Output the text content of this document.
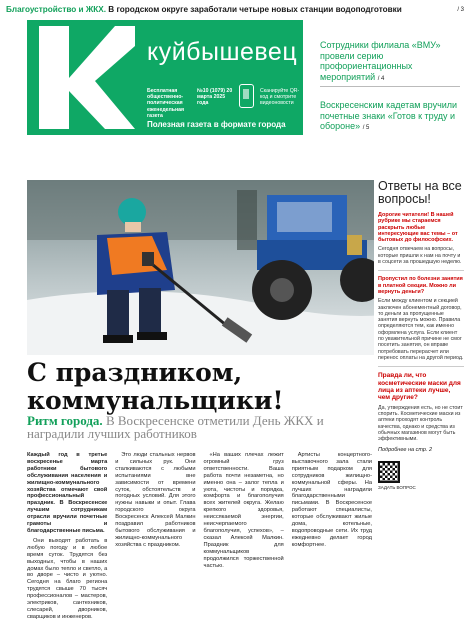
Благоустройство и ЖКХ. В городском округе заработали четыре новых станции водоподготовки	/ 3
куйбышевец
Бесплатная общественно-политическая еженедельная газета
№10 (1079) 20 марта 2025 года
Сканируйте QR-код и смотрите видеоновости
Полезная газета в формате города
Сотрудники филиала «ВМУ» провели серию профориентационных мероприятий / 4
Воскресенским кадетам вручили почетные знаки «Готов к труду и обороне» / 5
Ответы на все вопросы!
Дорогие читатели! В нашей рубрике мы стараемся раскрыть любые интересующие вас темы – от бытовых до философских.
Сегодня отвечаем на вопросы, которые пришли к нам на почту и в соцсети за прошедшую неделю.
Пропустил по болезни занятия в платной секции. Можно ли вернуть деньги?
Если между клиентом и секцией заключен абонементный договор, то деньги за пропущенные занятия вернуть можно. Правила определяются тем, как именно оформлена услуга. Если клиент по уважительной причине не смог посетить занятия, он вправе потребовать перерасчет или перенос оплаты на другой период.
Правда ли, что косметические маски для лица из аптеки лучше, чем другие?
Да, утверждения есть, но не стоит спорить. Косметические маски из аптеки проходят контроль качества, однако и средства из обычных магазинов могут быть эффективными.
Подробнее на стр. 2
ЗАДАТЬ ВОПРОС
С праздником, коммунальщики!
Ритм города. В Воскресенске отметили День ЖКХ и наградили лучших работников

Каждый год в третье воскресенье марта работники бытового обслуживания населения и жилищно-коммунального хозяйства отмечают свой профессиональный праздник. В Воскресенске лучшим сотрудникам отрасли вручили почетные грамоты и благодарственные письма.

Они выходят работать в любую погоду и в любое время суток. Трудятся без выходных, чтобы в наших домах было тепло и светло, а во дворе – чисто и уютно. Сегодня на благо региона трудятся свыше 70 тысяч профессионалов – мастеров, электриков, сантехников, слесарей, дворников, сварщиков и инженеров.

Это люди стальных нервов и сильных рук. Они сталкиваются с любыми испытаниями вне зависимости от времени суток, обстоятельств и погодных условий. Для этого нужны навыки и опыт. Глава городского округа Воскресенск Алексей Малкин поздравил работников бытового обслуживания и жилищно-коммунального хозяйства с праздником.

«На ваших плечах лежит огромный груз ответственности. Ваша работа почти незаметна, но именно она – залог тепла и уюта, чистоты и порядка, комфорта и благополучия всех жителей округа. Желаю крепкого здоровья, неиссякаемой энергии, неисчерпаемого благополучия, успехов», – сказал Алексей Малкин. Праздник для коммунальщиков продолжился торжественной частью.

Артисты концертного-выставочного зала стали приятным подарком для сотрудников жилищно-коммунальной сферы. На лучших наградили благодарственными письмами. В Воскресенске работают специалисты, которые обслуживают жилые дома, котельные, водопроводные сети. Их труд ежедневно делает город комфортнее.
